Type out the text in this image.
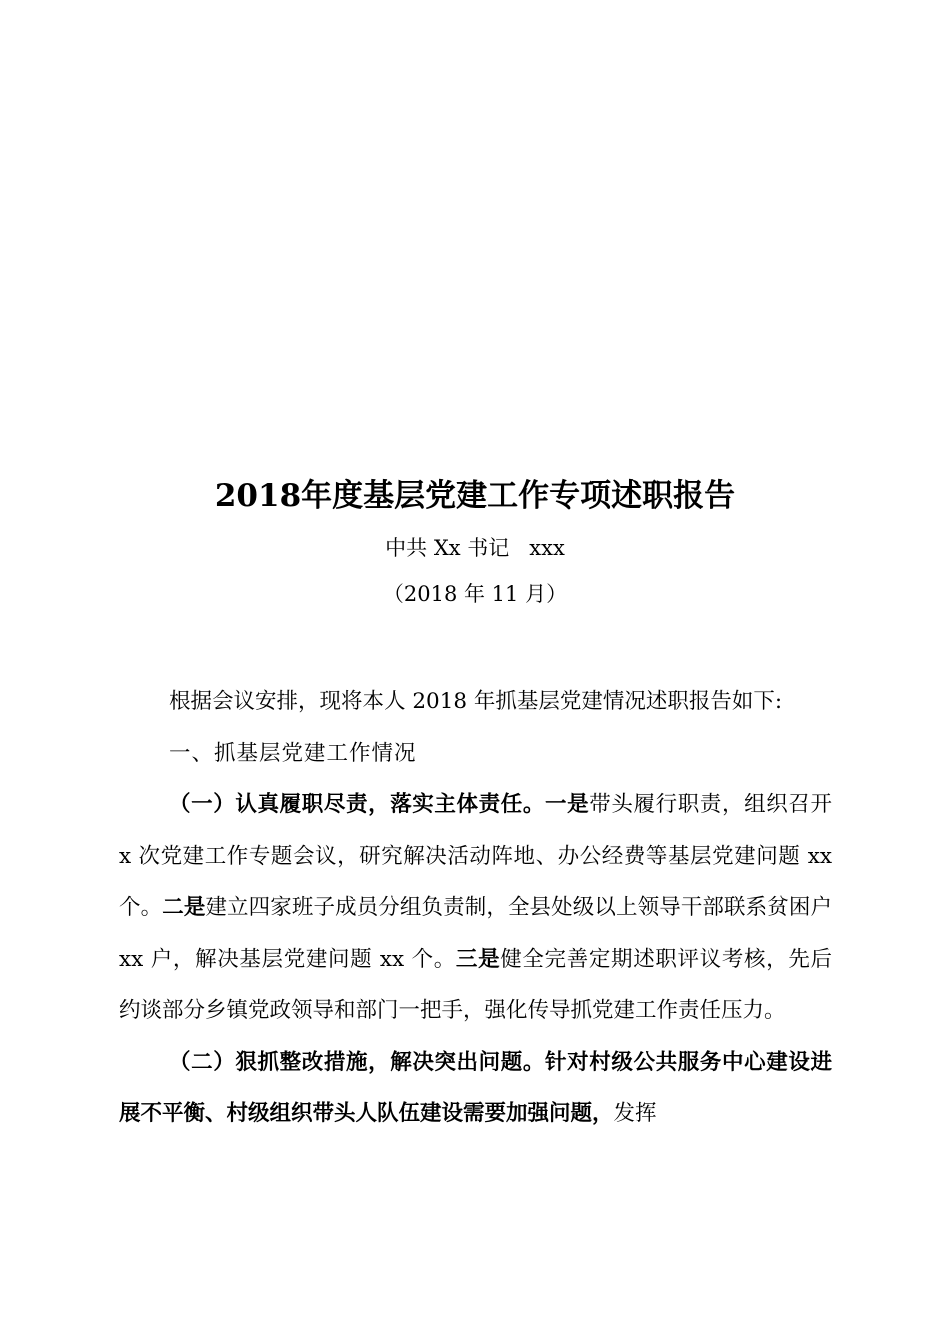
2018年度基层党建工作专项述职报告
中共 Xx 书记   xxx
（2018 年 11 月）

根据会议安排，现将本人 2018 年抓基层党建情况述职报告如下:

一、抓基层党建工作情况

（一）认真履职尽责，落实主体责任。一是带头履行职责，组织召开 x 次党建工作专题会议，研究解决活动阵地、办公经费等基层党建问题 xx 个。二是建立四家班子成员分组负责制，全县处级以上领导干部联系贫困户 xx 户，解决基层党建问题 xx 个。三是健全完善定期述职评议考核，先后约谈部分乡镇党政领导和部门一把手，强化传导抓党建工作责任压力。

（二）狠抓整改措施，解决突出问题。针对村级公共服务中心建设进展不平衡、村级组织带头人队伍建设需要加强问题，发挥
